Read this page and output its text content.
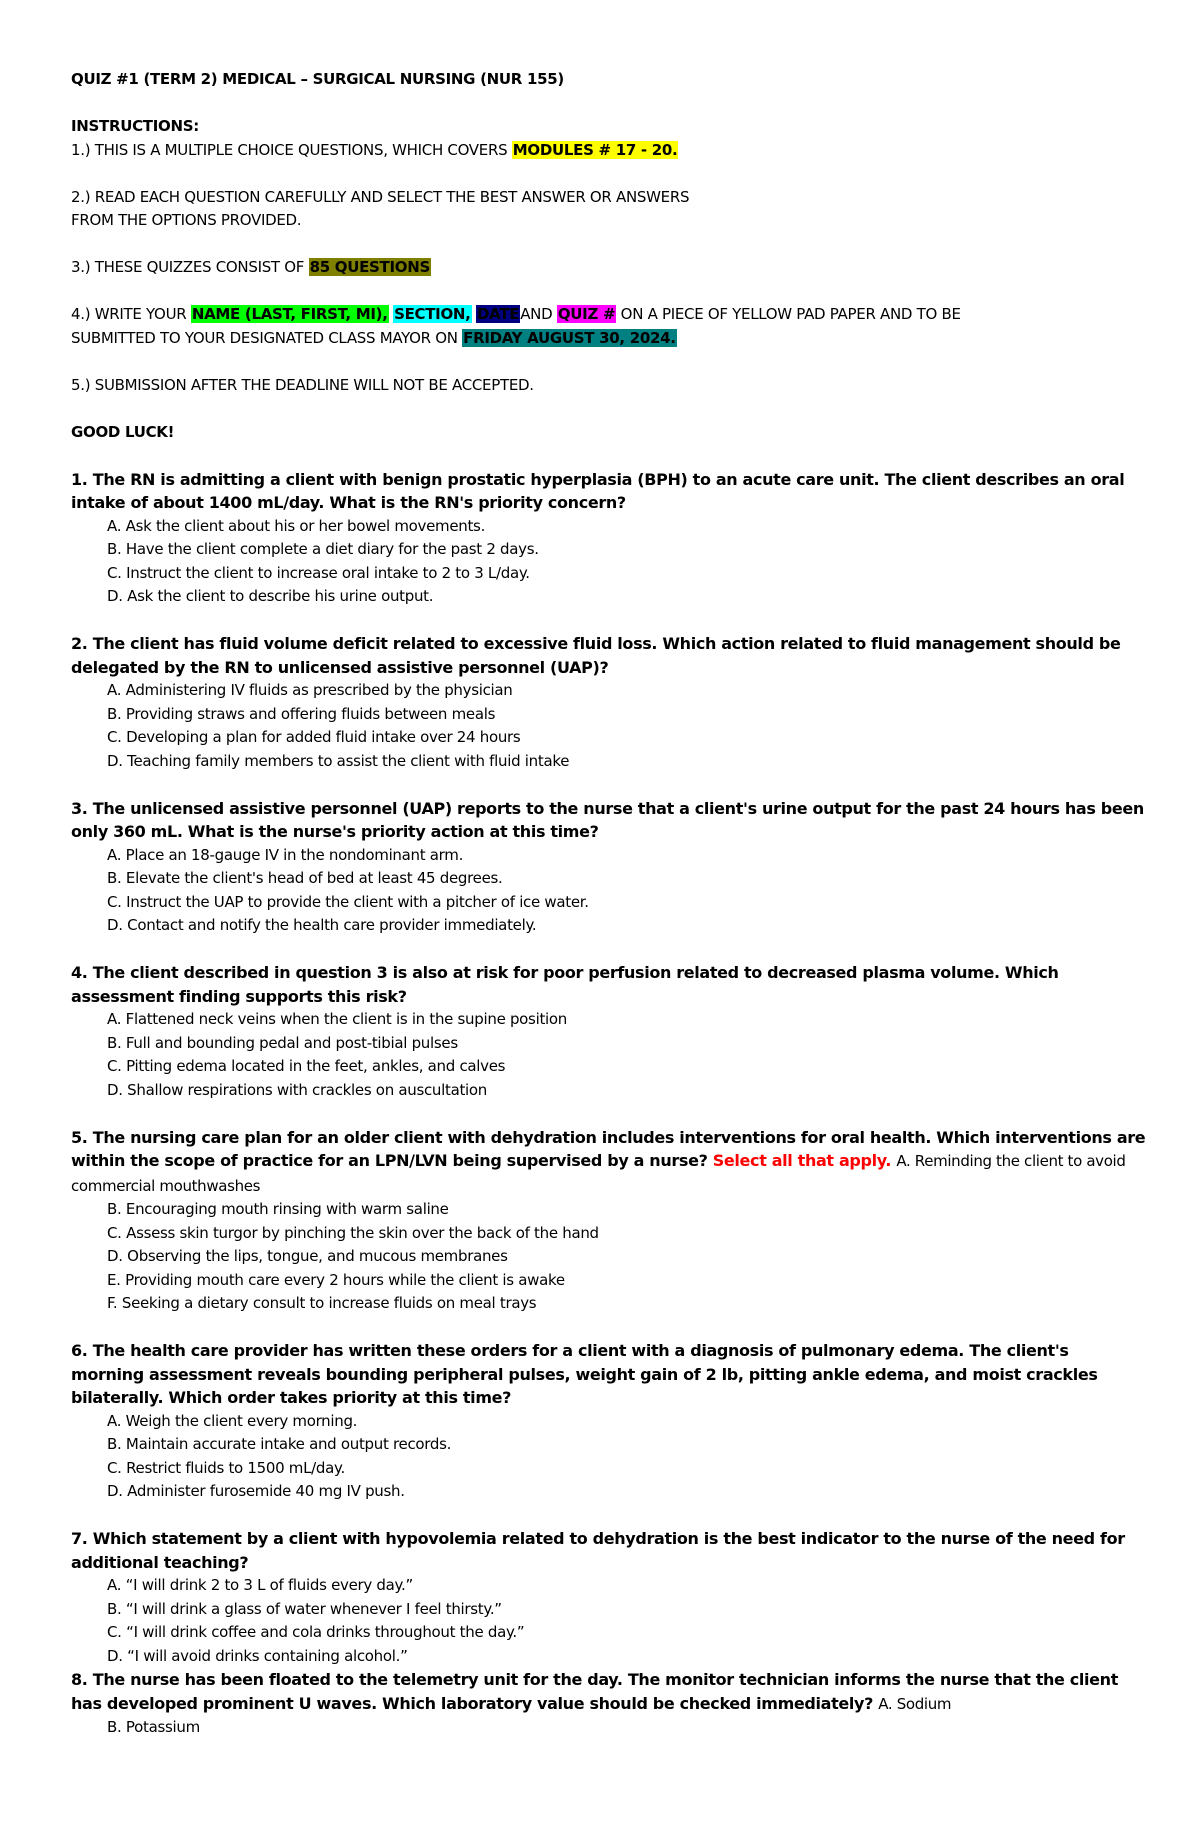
QUIZ #1 (TERM 2) MEDICAL – SURGICAL NURSING (NUR 155)
INSTRUCTIONS:
1.) THIS IS A MULTIPLE CHOICE QUESTIONS, WHICH COVERS MODULES # 17 - 20.
2.) READ EACH QUESTION CAREFULLY AND SELECT THE BEST ANSWER OR ANSWERS
FROM THE OPTIONS PROVIDED.
3.) THESE QUIZZES CONSIST OF 85 QUESTIONS
4.) WRITE YOUR NAME (LAST, FIRST, MI), SECTION, DATEAND QUIZ # ON A PIECE OF YELLOW PAD PAPER AND TO BE
SUBMITTED TO YOUR DESIGNATED CLASS MAYOR ON FRIDAY AUGUST 30, 2024.
5.) SUBMISSION AFTER THE DEADLINE WILL NOT BE ACCEPTED.
GOOD LUCK!
1. The RN is admitting a client with benign prostatic hyperplasia (BPH) to an acute care unit. The client describes an oral intake of about 1400 mL/day. What is the RN's priority concern?
A. Ask the client about his or her bowel movements.
B. Have the client complete a diet diary for the past 2 days.
C. Instruct the client to increase oral intake to 2 to 3 L/day.
D. Ask the client to describe his urine output.
2. The client has fluid volume deficit related to excessive fluid loss. Which action related to fluid management should be delegated by the RN to unlicensed assistive personnel (UAP)?
A. Administering IV fluids as prescribed by the physician
B. Providing straws and offering fluids between meals
C. Developing a plan for added fluid intake over 24 hours
D. Teaching family members to assist the client with fluid intake
3. The unlicensed assistive personnel (UAP) reports to the nurse that a client's urine output for the past 24 hours has been only 360 mL. What is the nurse's priority action at this time?
A. Place an 18-gauge IV in the nondominant arm.
B. Elevate the client's head of bed at least 45 degrees.
C. Instruct the UAP to provide the client with a pitcher of ice water.
D. Contact and notify the health care provider immediately.
4. The client described in question 3 is also at risk for poor perfusion related to decreased plasma volume. Which assessment finding supports this risk?
A. Flattened neck veins when the client is in the supine position
B. Full and bounding pedal and post-tibial pulses
C. Pitting edema located in the feet, ankles, and calves
D. Shallow respirations with crackles on auscultation
5. The nursing care plan for an older client with dehydration includes interventions for oral health. Which interventions are within the scope of practice for an LPN/LVN being supervised by a nurse? Select all that apply. A. Reminding the client to avoid commercial mouthwashes
B. Encouraging mouth rinsing with warm saline
C. Assess skin turgor by pinching the skin over the back of the hand
D. Observing the lips, tongue, and mucous membranes
E. Providing mouth care every 2 hours while the client is awake
F. Seeking a dietary consult to increase fluids on meal trays
6. The health care provider has written these orders for a client with a diagnosis of pulmonary edema. The client's morning assessment reveals bounding peripheral pulses, weight gain of 2 lb, pitting ankle edema, and moist crackles bilaterally. Which order takes priority at this time?
A. Weigh the client every morning.
B. Maintain accurate intake and output records.
C. Restrict fluids to 1500 mL/day.
D. Administer furosemide 40 mg IV push.
7. Which statement by a client with hypovolemia related to dehydration is the best indicator to the nurse of the need for additional teaching?
A. “I will drink 2 to 3 L of fluids every day.”
B. “I will drink a glass of water whenever I feel thirsty.”
C. “I will drink coffee and cola drinks throughout the day.”
D. “I will avoid drinks containing alcohol.”
8. The nurse has been floated to the telemetry unit for the day. The monitor technician informs the nurse that the client has developed prominent U waves. Which laboratory value should be checked immediately? A. Sodium
B. Potassium
